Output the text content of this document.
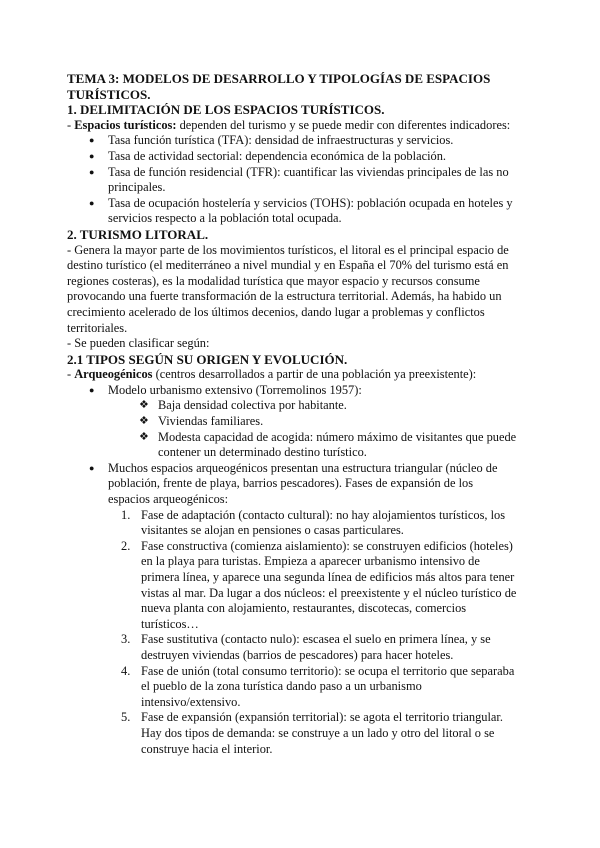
TEMA 3: MODELOS DE DESARROLLO Y TIPOLOGÍAS DE ESPACIOS TURÍSTICOS.

1. DELIMITACIÓN DE LOS ESPACIOS TURÍSTICOS.

- Espacios turísticos: dependen del turismo y se puede medir con diferentes indicadores:

● Tasa función turística (TFA): densidad de infraestructuras y servicios.
● Tasa de actividad sectorial: dependencia económica de la población.
● Tasa de función residencial (TFR): cuantificar las viviendas principales de las no principales.
● Tasa de ocupación hostelería y servicios (TOHS): población ocupada en hoteles y servicios respecto a la población total ocupada.

2. TURISMO LITORAL.

- Genera la mayor parte de los movimientos turísticos, el litoral es el principal espacio de destino turístico (el mediterráneo a nivel mundial y en España el 70% del turismo está en regiones costeras), es la modalidad turística que mayor espacio y recursos consume provocando una fuerte transformación de la estructura territorial. Además, ha habido un crecimiento acelerado de los últimos decenios, dando lugar a problemas y conflictos territoriales.

- Se pueden clasificar según:

2.1 TIPOS SEGÚN SU ORIGEN Y EVOLUCIÓN.

- Arqueogénicos (centros desarrollados a partir de una población ya preexistente):

● Modelo urbanismo extensivo (Torremolinos 1957):
❖ Baja densidad colectiva por habitante.
❖ Viviendas familiares.
❖ Modesta capacidad de acogida: número máximo de visitantes que puede contener un determinado destino turístico.
● Muchos espacios arqueogénicos presentan una estructura triangular (núcleo de población, frente de playa, barrios pescadores). Fases de expansión de los espacios arqueogénicos:
1. Fase de adaptación (contacto cultural): no hay alojamientos turísticos, los visitantes se alojan en pensiones o casas particulares.
2. Fase constructiva (comienza aislamiento): se construyen edificios (hoteles) en la playa para turistas. Empieza a aparecer urbanismo intensivo de primera línea, y aparece una segunda línea de edificios más altos para tener vistas al mar. Da lugar a dos núcleos: el preexistente y el núcleo turístico de nueva planta con alojamiento, restaurantes, discotecas, comercios turísticos…
3. Fase sustitutiva (contacto nulo): escasea el suelo en primera línea, y se destruyen viviendas (barrios de pescadores) para hacer hoteles.
4. Fase de unión (total consumo territorio): se ocupa el territorio que separaba el pueblo de la zona turística dando paso a un urbanismo intensivo/extensivo.
5. Fase de expansión (expansión territorial): se agota el territorio triangular. Hay dos tipos de demanda: se construye a un lado y otro del litoral o se construye hacia el interior.
